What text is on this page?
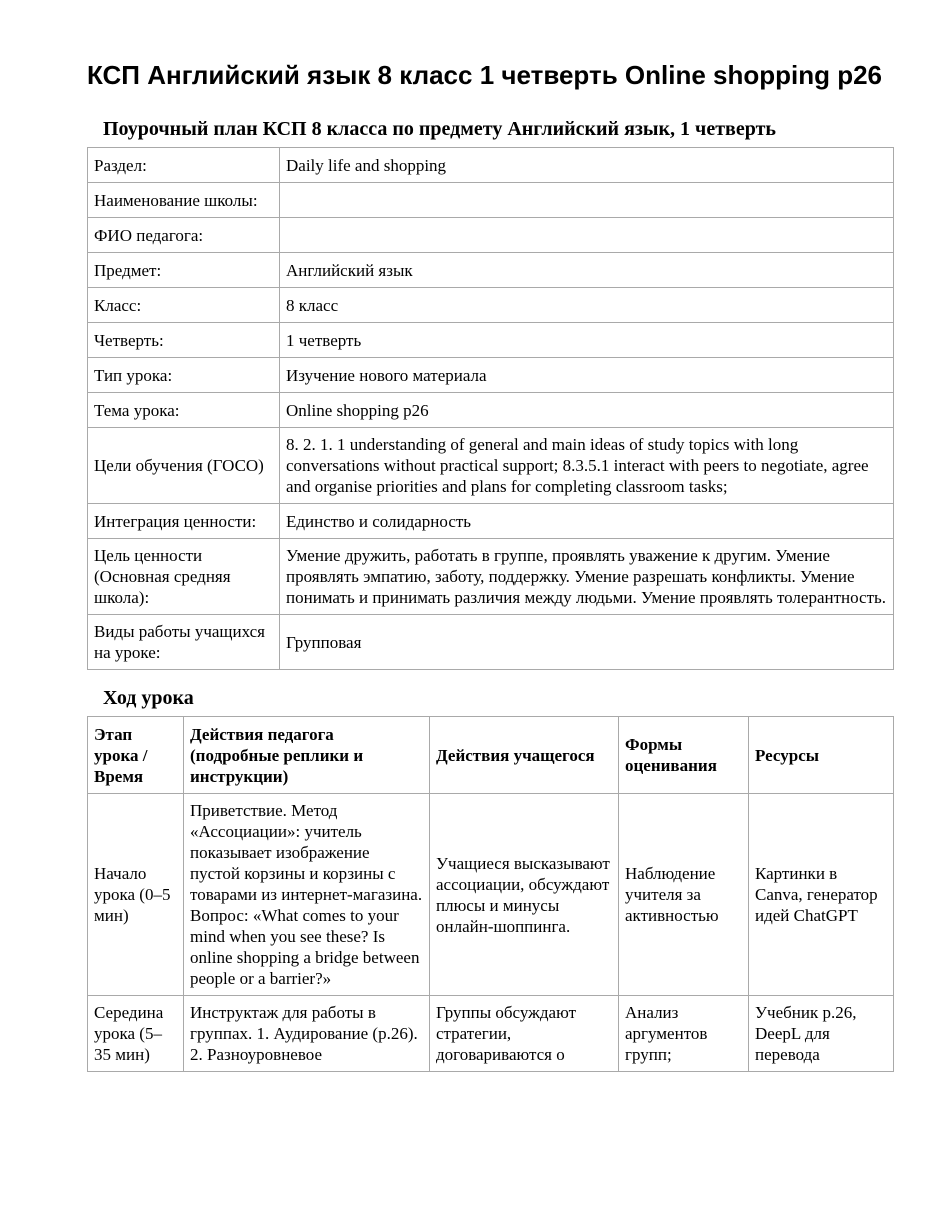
КСП Английский язык 8 класс 1 четверть Online shopping p26
Поурочный план КСП 8 класса по предмету Английский язык, 1 четверть
Раздел:	Daily life and shopping
Наименование школы:	
ФИО педагога:	
Предмет:	Английский язык
Класс:	8 класс
Четверть:	1 четверть
Тип урока:	Изучение нового материала
Тема урока:	Online shopping p26
Цели обучения (ГОСО)	8. 2. 1. 1 understanding of general and main ideas of study topics with long conversations without practical support; 8.3.5.1 interact with peers to negotiate, agree and organise priorities and plans for completing classroom tasks;
Интеграция ценности:	Единство и солидарность
Цель ценности (Основная средняя школа):	Умение дружить, работать в группе, проявлять уважение к другим. Умение проявлять эмпатию, заботу, поддержку. Умение разрешать конфликты. Умение понимать и принимать различия между людьми. Умение проявлять толерантность.
Виды работы учащихся на уроке:	Групповая
Ход урока
Этап урока / Время	Действия педагога (подробные реплики и инструкции)	Действия учащегося	Формы оценивания	Ресурсы
Начало урока (0–5 мин)	Приветствие. Метод «Ассоциации»: учитель показывает изображение пустой корзины и корзины с товарами из интернет-магазина. Вопрос: «What comes to your mind when you see these? Is online shopping a bridge between people or a barrier?»	Учащиеся высказывают ассоциации, обсуждают плюсы и минусы онлайн-шоппинга.	Наблюдение учителя за активностью	Картинки в Canva, генератор идей ChatGPT
Середина урока (5–35 мин)	Инструктаж для работы в группах. 1. Аудирование (p.26). 2. Разноуровневое	Группы обсуждают стратегии, договариваются о	Анализ аргументов групп;	Учебник p.26, DeepL для перевода
